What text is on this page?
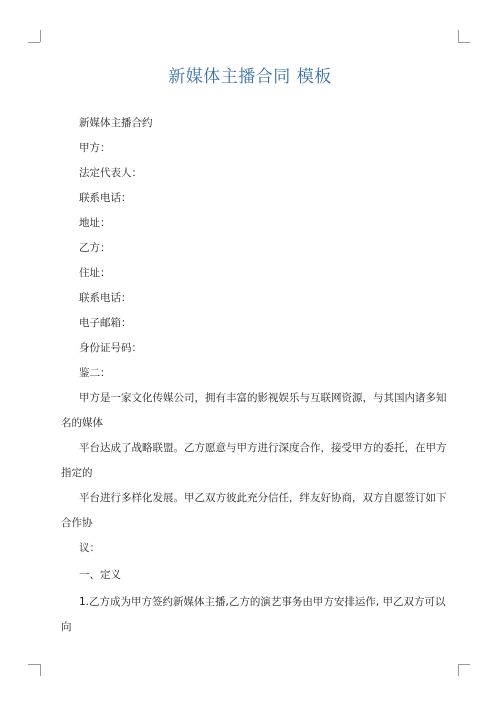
新媒体主播合同 模板
新媒体主播合约
甲方：
法定代表人：
联系电话：
地址：
乙方：
住址：
联系电话：
电子邮箱：
身份证号码：
鉴二：
甲方是一家文化传媒公司，拥有丰富的影视娱乐与互联网资源，与其国内诸多知
名的媒体
平台达成了战略联盟。乙方愿意与甲方进行深度合作，接受甲方的委托，在甲方
指定的
平台进行多样化发展。甲乙双方彼此充分信任，绊友好协商，双方自愿签订如下
合作协
议：
一、定义
1.乙方成为甲方签约新媒体主播,乙方的演艺事务由甲方安排运作, 甲乙双方可以
向
